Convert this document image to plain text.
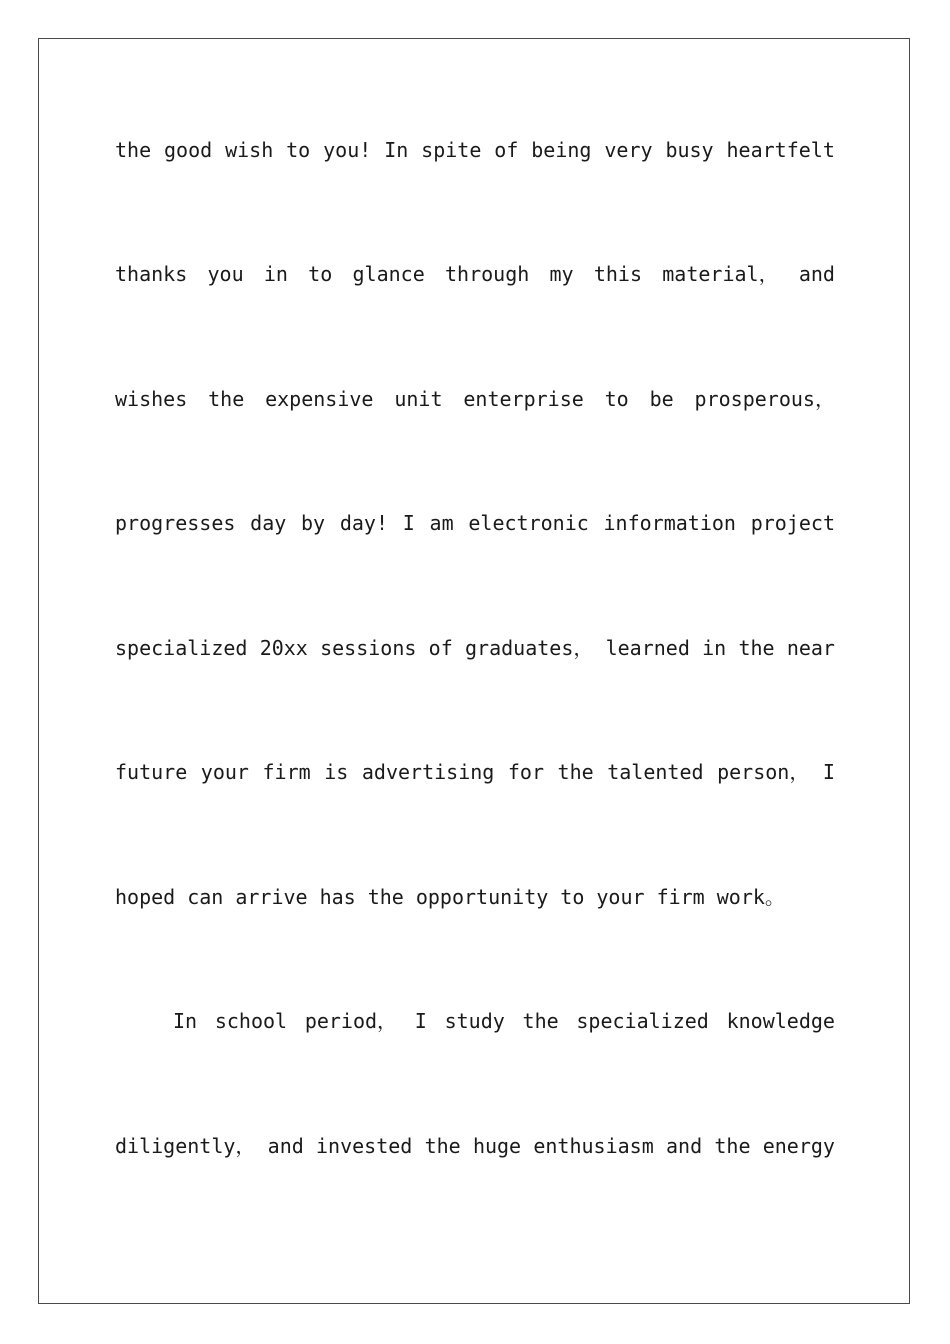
the good wish to you! In spite of being very busy heartfelt
thanks you in to glance through my this material， and
wishes the expensive unit enterprise to be prosperous，
progresses day by day! I am electronic information project
specialized 20xx sessions of graduates， learned in the near
future your firm is advertising for the talented person， I
hoped can arrive has the opportunity to your firm work。
In school period， I study the specialized knowledge
diligently， and invested the huge enthusiasm and the energy
